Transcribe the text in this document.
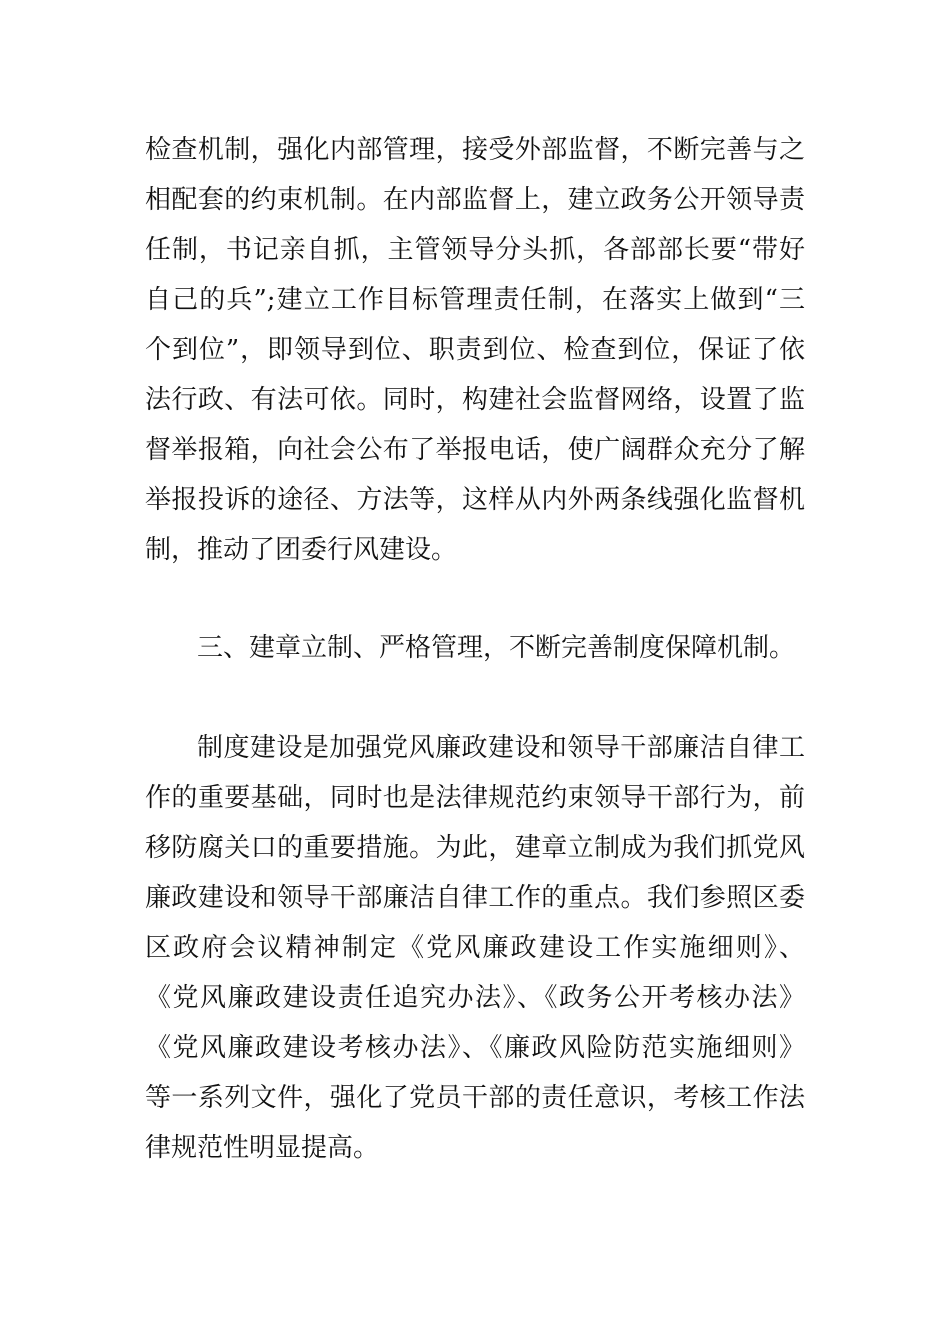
检查机制，强化内部管理，接受外部监督，不断完善与之
相配套的约束机制。在内部监督上，建立政务公开领导责
任制，书记亲自抓，主管领导分头抓，各部部长要“带好
自己的兵”;建立工作目标管理责任制，在落实上做到“三
个到位”，即领导到位、职责到位、检查到位，保证了依
法行政、有法可依。同时，构建社会监督网络，设置了监
督举报箱，向社会公布了举报电话，使广阔群众充分了解
举报投诉的途径、方法等，这样从内外两条线强化监督机
制，推动了团委行风建设。
三、建章立制、严格管理，不断完善制度保障机制。
制度建设是加强党风廉政建设和领导干部廉洁自律工
作的重要基础，同时也是法律规范约束领导干部行为，前
移防腐关口的重要措施。为此，建章立制成为我们抓党风
廉政建设和领导干部廉洁自律工作的重点。我们参照区委
区政府会议精神制定《党风廉政建设工作实施细则》、
《党风廉政建设责任追究办法》、《政务公开考核办法》
《党风廉政建设考核办法》、《廉政风险防范实施细则》
等一系列文件，强化了党员干部的责任意识，考核工作法
律规范性明显提高。
